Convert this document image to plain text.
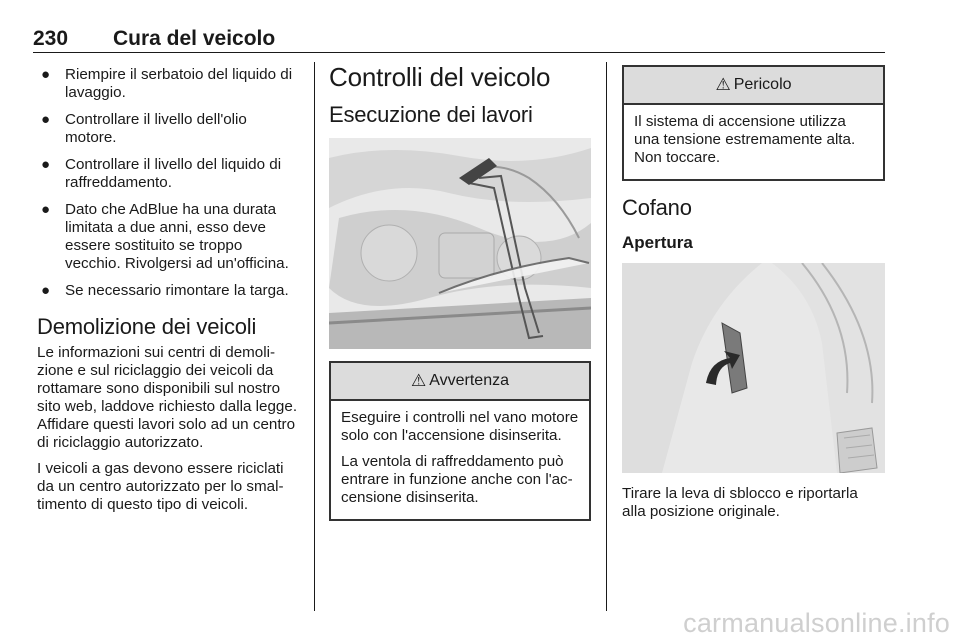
230 Cura del veicolo
● Riempire il serbatoio del liquido di lavaggio.
● Controllare il livello dell'olio motore.
● Controllare il livello del liquido di raffreddamento.
● Dato che AdBlue ha una durata limitata a due anni, esso deve essere sostituito se troppo vecchio. Rivolgersi ad un'officina.
● Se necessario rimontare la targa.
Demolizione dei veicoli

Le informazioni sui centri di demolizione e sul riciclaggio dei veicoli da rottamare sono disponibili sul nostro sito web, laddove richiesto dalla legge. Affidare questi lavori solo ad un centro di riciclaggio autorizzato.

I veicoli a gas devono essere riciclati da un centro autorizzato per lo smaltimento di questo tipo di veicoli.

Controlli del veicolo
Esecuzione dei lavori
⚠ Avvertenza

Eseguire i controlli nel vano motore solo con l'accensione disinserita.

La ventola di raffreddamento può entrare in funzione anche con l'accensione disinserita.

⚠ Pericolo

Il sistema di accensione utilizza una tensione estremamente alta. Non toccare.

Cofano
Apertura

Tirare la leva di sblocco e riportarla alla posizione originale.

carmanualsonline.info
